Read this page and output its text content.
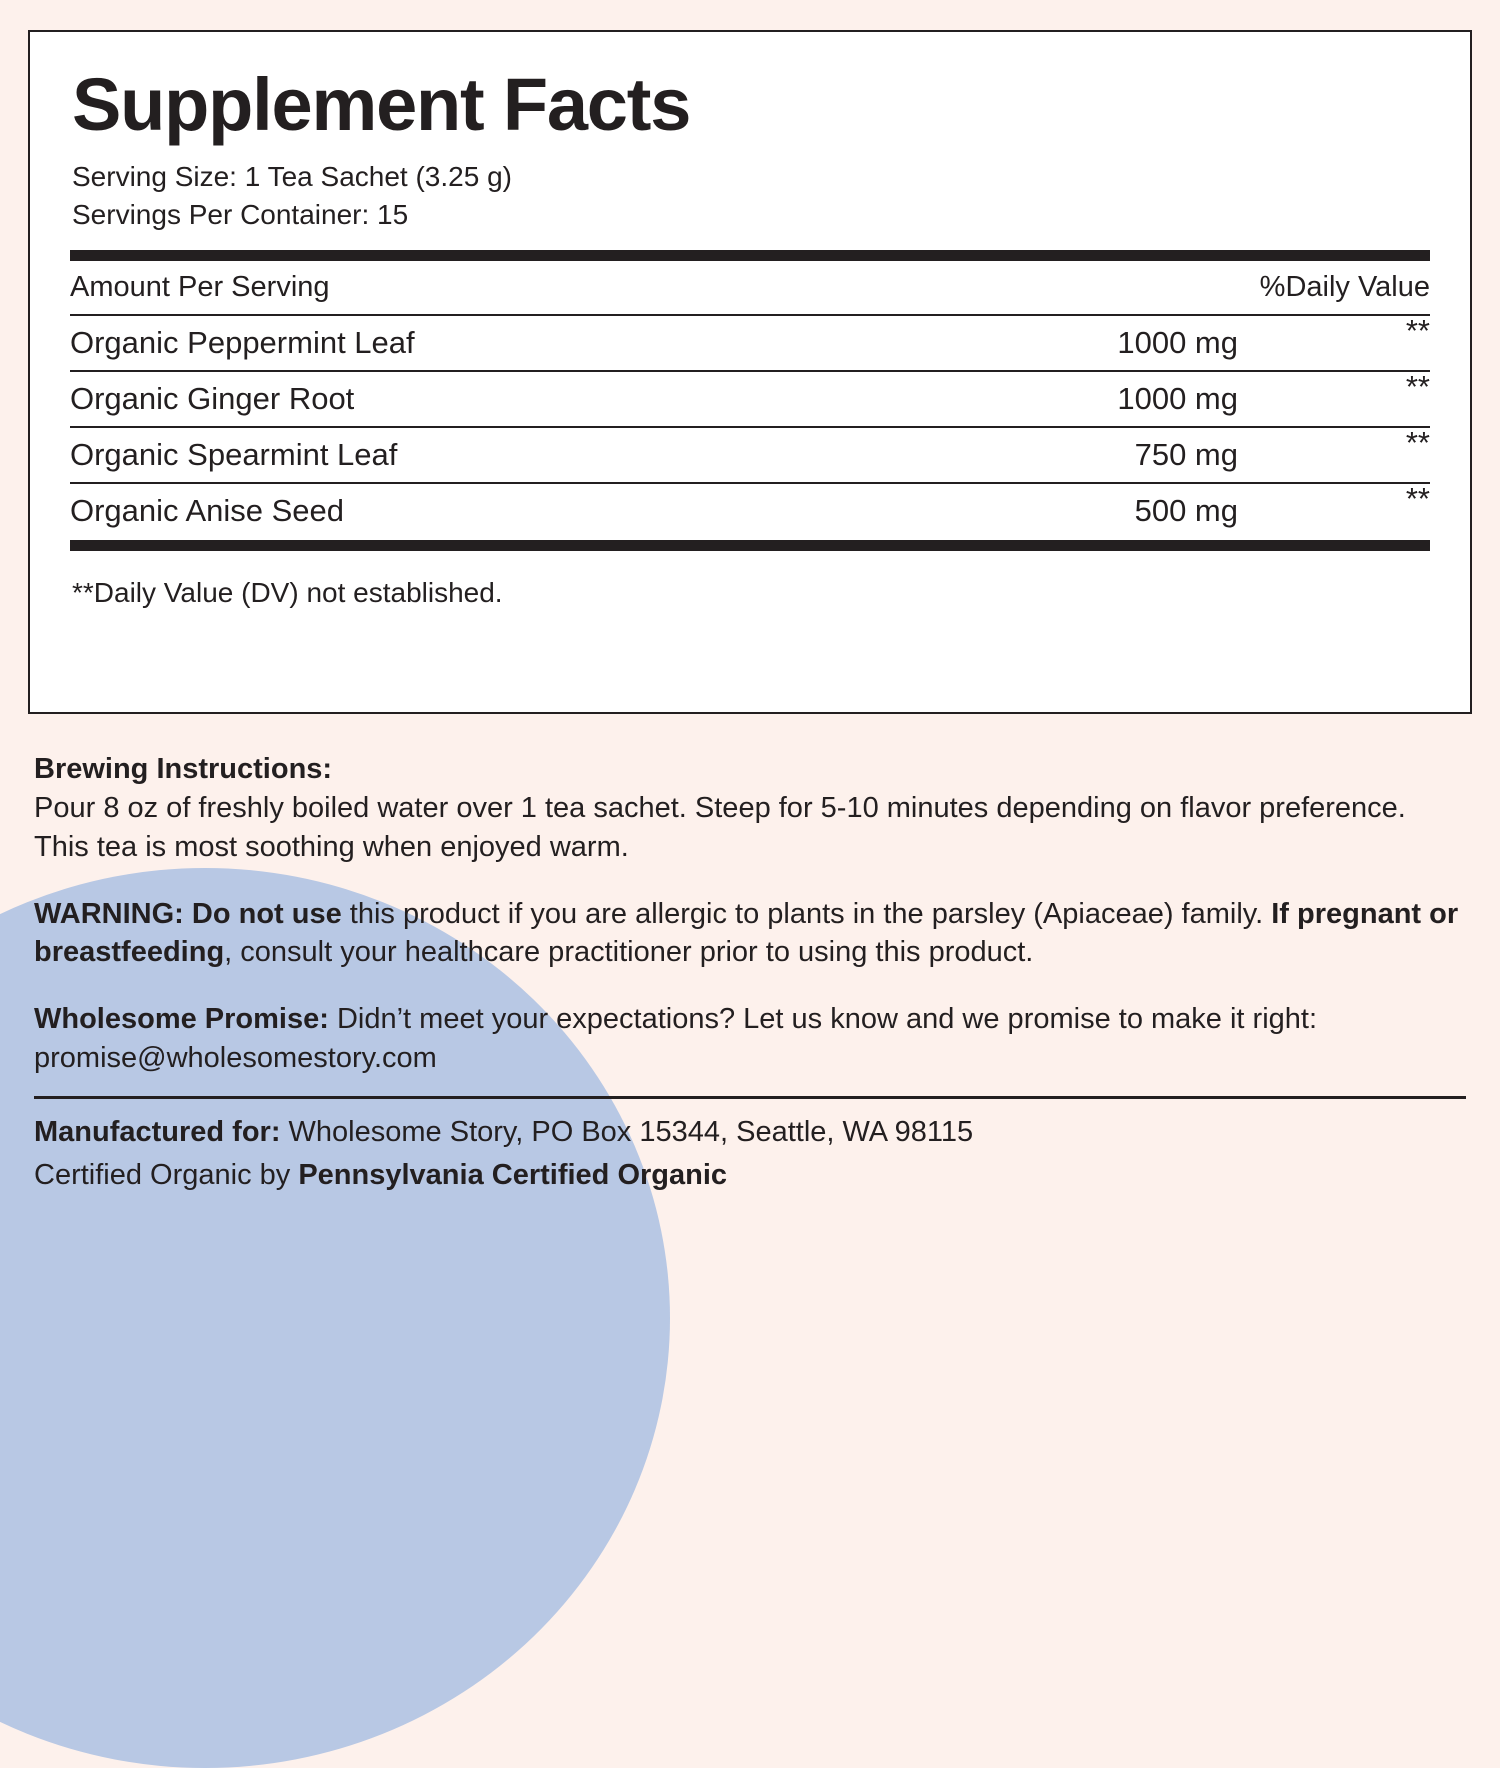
Supplement Facts
Serving Size: 1 Tea Sachet (3.25 g)
Servings Per Container: 15
Amount Per Serving	%Daily Value
Organic Peppermint Leaf	1000 mg	**
Organic Ginger Root	1000 mg	**
Organic Spearmint Leaf	750 mg	**
Organic Anise Seed	500 mg	**
**Daily Value (DV) not established.

Brewing Instructions:

Pour 8 oz of freshly boiled water over 1 tea sachet. Steep for 5-10 minutes depending on flavor preference. This tea is most soothing when enjoyed warm.

WARNING: Do not use this product if you are allergic to plants in the parsley (Apiaceae) family. If pregnant or breastfeeding, consult your healthcare practitioner prior to using this product.

Wholesome Promise: Didn’t meet your expectations? Let us know and we promise to make it right:

promise@wholesomestory.com

Manufactured for: Wholesome Story, PO Box 15344, Seattle, WA 98115

Certified Organic by Pennsylvania Certified Organic
